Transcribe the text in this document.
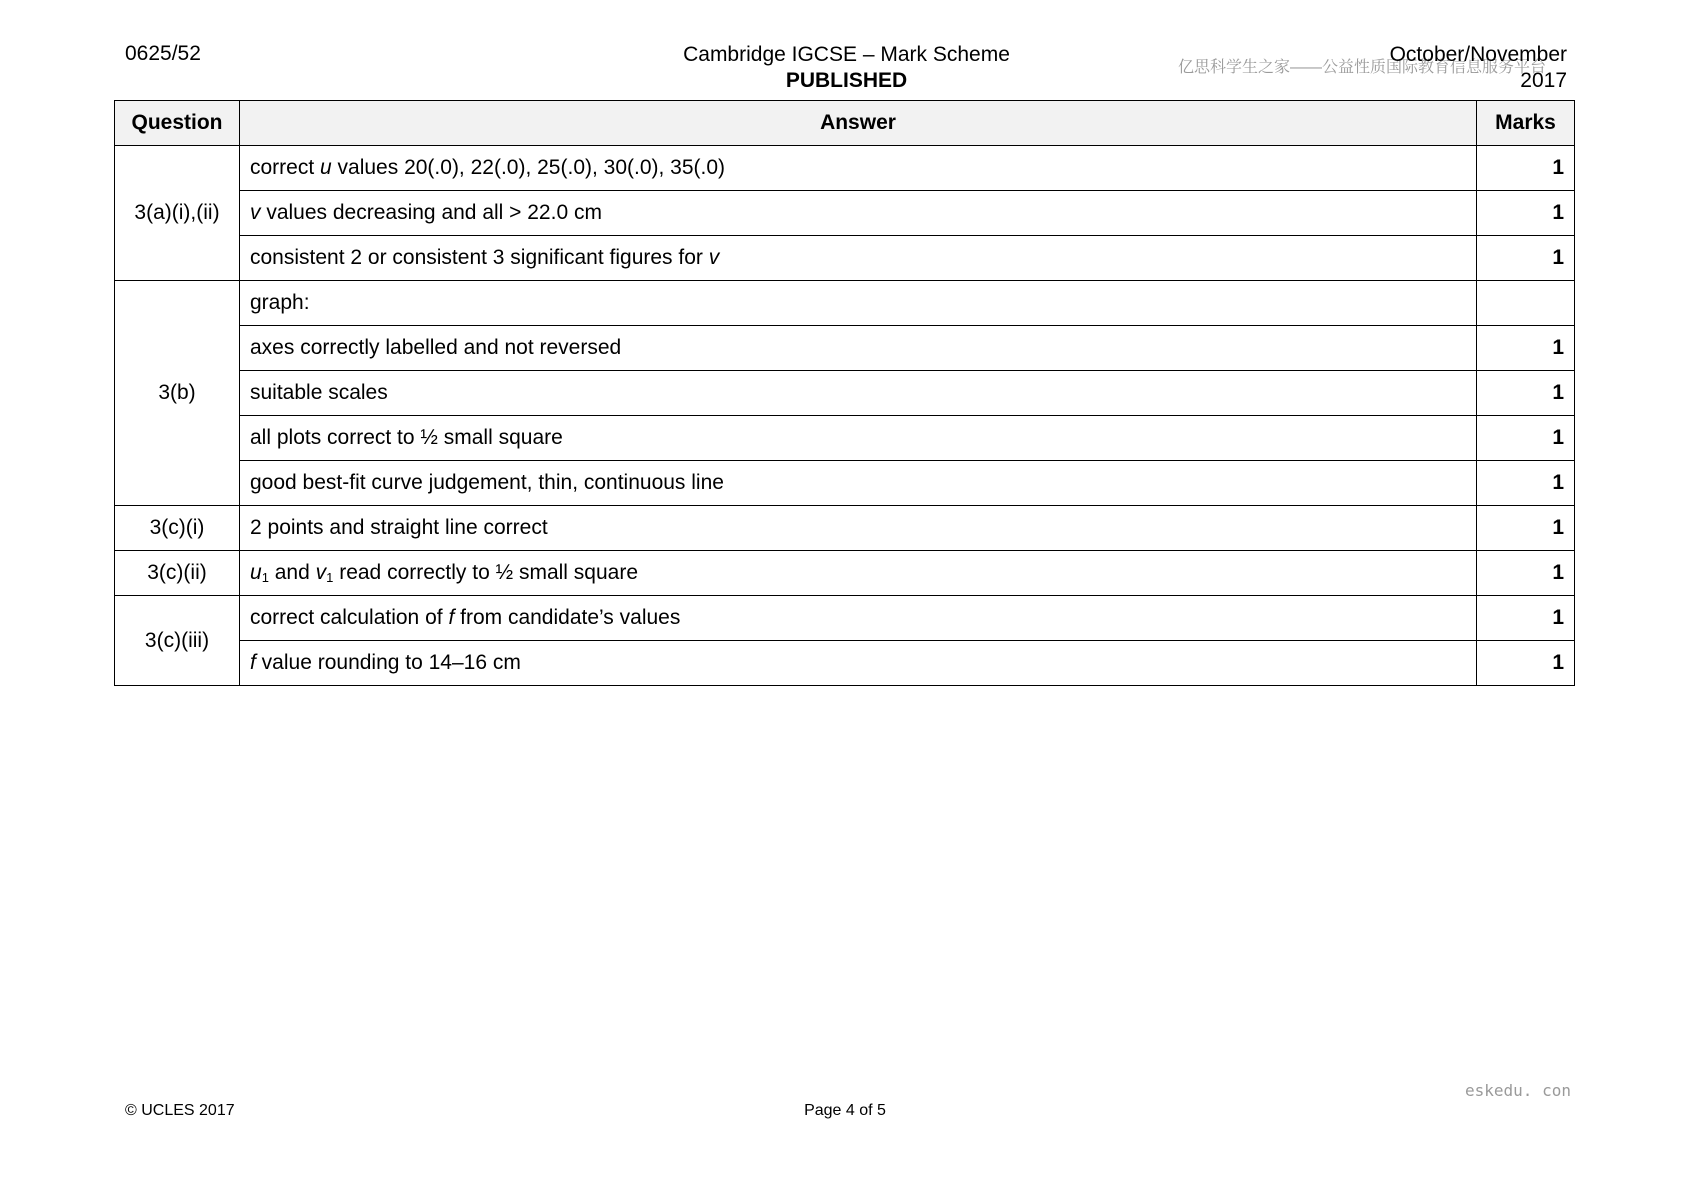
0625/52	Cambridge IGCSE – Mark Scheme
PUBLISHED
亿思科学生之家——公益性质国际教育信息服务平台
October/November
2017
Question	Answer	Marks
3(a)(i),(ii)	correct u values 20(.0), 22(.0), 25(.0), 30(.0), 35(.0)	1
	v values decreasing and all > 22.0 cm	1
	consistent 2 or consistent 3 significant figures for v	1
3(b)	graph:	
	axes correctly labelled and not reversed	1
	suitable scales	1
	all plots correct to ½ small square	1
	good best-fit curve judgement, thin, continuous line	1
3(c)(i)	2 points and straight line correct	1
3(c)(ii)	$u_1$ and $v_1$ read correctly to ½ small square	1
3(c)(iii)	correct calculation of f from candidate’s values	1
	f value rounding to 14–16 cm	1
eskedu. con
© UCLES 2017	Page 4 of 5
